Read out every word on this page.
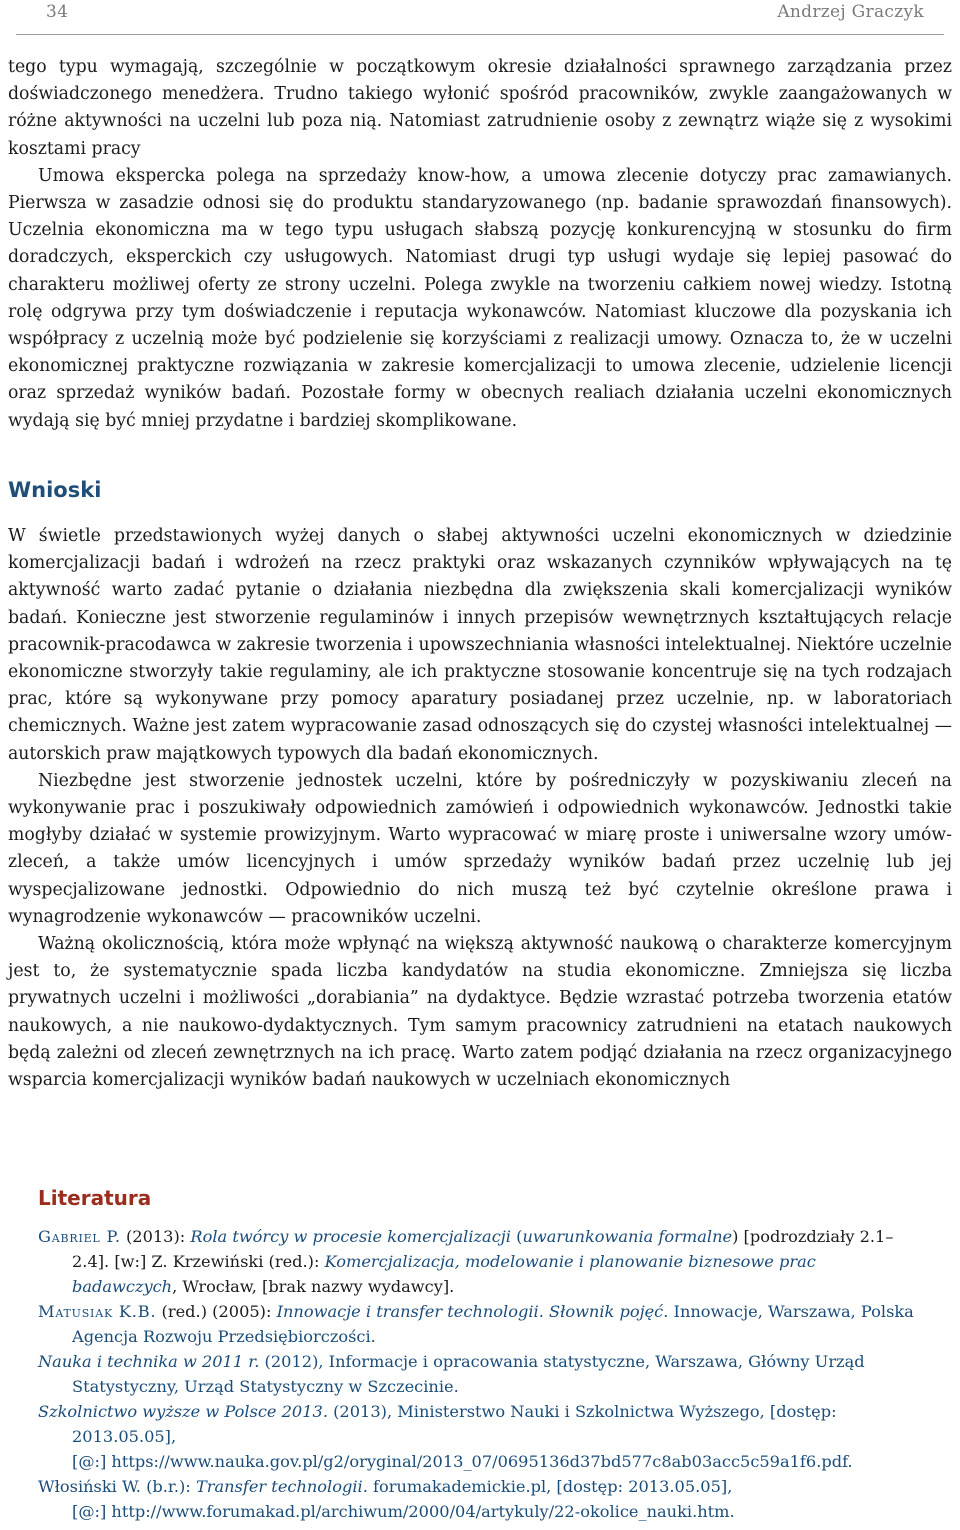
34	Andrzej Graczyk

tego typu wymagają, szczególnie w początkowym okresie działalności sprawnego zarządzania przez doświadczonego menedżera. Trudno takiego wyłonić spośród pracowników, zwykle zaangażowanych w różne aktywności na uczelni lub poza nią. Natomiast zatrudnienie osoby z zewnątrz wiąże się z wysokimi kosztami pracy

Umowa ekspercka polega na sprzedaży know-how, a umowa zlecenie dotyczy prac zamawianych. Pierwsza w zasadzie odnosi się do produktu standaryzowanego (np. badanie sprawozdań finansowych). Uczelnia ekonomiczna ma w tego typu usługach słabszą pozycję konkurencyjną w stosunku do firm doradczych, eksperckich czy usługowych. Natomiast drugi typ usługi wydaje się lepiej pasować do charakteru możliwej oferty ze strony uczelni. Polega zwykle na tworzeniu całkiem nowej wiedzy. Istotną rolę odgrywa przy tym doświadczenie i reputacja wykonawców. Natomiast kluczowe dla pozyskania ich współpracy z uczelnią może być podzielenie się korzyściami z realizacji umowy. Oznacza to, że w uczelni ekonomicznej praktyczne rozwiązania w zakresie komercjalizacji to umowa zlecenie, udzielenie licencji oraz sprzedaż wyników badań. Pozostałe formy w obecnych realiach działania uczelni ekonomicznych wydają się być mniej przydatne i bardziej skomplikowane.

Wnioski

W świetle przedstawionych wyżej danych o słabej aktywności uczelni ekonomicznych w dziedzinie komercjalizacji badań i wdrożeń na rzecz praktyki oraz wskazanych czynników wpływających na tę aktywność warto zadać pytanie o działania niezbędna dla zwiększenia skali komercjalizacji wyników badań. Konieczne jest stworzenie regulaminów i innych przepisów wewnętrznych kształtujących relacje pracownik-pracodawca w zakresie tworzenia i upowszechniania własności intelektualnej. Niektóre uczelnie ekonomiczne stworzyły takie regulaminy, ale ich praktyczne stosowanie koncentruje się na tych rodzajach prac, które są wykonywane przy pomocy aparatury posiadanej przez uczelnie, np. w laboratoriach chemicznych. Ważne jest zatem wypracowanie zasad odnoszących się do czystej własności intelektualnej — autorskich praw majątkowych typowych dla badań ekonomicznych.

Niezbędne jest stworzenie jednostek uczelni, które by pośredniczyły w pozyskiwaniu zleceń na wykonywanie prac i poszukiwały odpowiednich zamówień i odpowiednich wykonawców. Jednostki takie mogłyby działać w systemie prowizyjnym. Warto wypracować w miarę proste i uniwersalne wzory umów-zleceń, a także umów licencyjnych i umów sprzedaży wyników badań przez uczelnię lub jej wyspecjalizowane jednostki. Odpowiednio do nich muszą też być czytelnie określone prawa i wynagrodzenie wykonawców — pracowników uczelni.

Ważną okolicznością, która może wpłynąć na większą aktywność naukową o charakterze komercyjnym jest to, że systematycznie spada liczba kandydatów na studia ekonomiczne. Zmniejsza się liczba prywatnych uczelni i możliwości „dorabiania” na dydaktyce. Będzie wzrastać potrzeba tworzenia etatów naukowych, a nie naukowo-dydaktycznych. Tym samym pracownicy zatrudnieni na etatach naukowych będą zależni od zleceń zewnętrznych na ich pracę. Warto zatem podjąć działania na rzecz organizacyjnego wsparcia komercjalizacji wyników badań naukowych w uczelniach ekonomicznych

Literatura

Gabriel P. (2013): Rola twórcy w procesie komercjalizacji (uwarunkowania formalne) [podrozdziały 2.1–2.4]. [w:] Z. Krzewiński (red.): Komercjalizacja, modelowanie i planowanie biznesowe prac badawczych, Wrocław, [brak nazwy wydawcy].

Matusiak K.B. (red.) (2005): Innowacje i transfer technologii. Słownik pojęć. Innowacje, Warszawa, Polska Agencja Rozwoju Przedsiębiorczości.

Nauka i technika w 2011 r. (2012), Informacje i opracowania statystyczne, Warszawa, Główny Urząd Statystyczny, Urząd Statystyczny w Szczecinie.

Szkolnictwo wyższe w Polsce 2013. (2013), Ministerstwo Nauki i Szkolnictwa Wyższego, [dostęp: 2013.05.05],
[@:] https://www.nauka.gov.pl/g2/oryginal/2013_07/0695136d37bd577c8ab03acc5c59a1f6.pdf.

Włosiński W. (b.r.): Transfer technologii. forumakademickie.pl, [dostęp: 2013.05.05],
[@:] http://www.forumakad.pl/archiwum/2000/04/artykuly/22-okolice_nauki.htm.
